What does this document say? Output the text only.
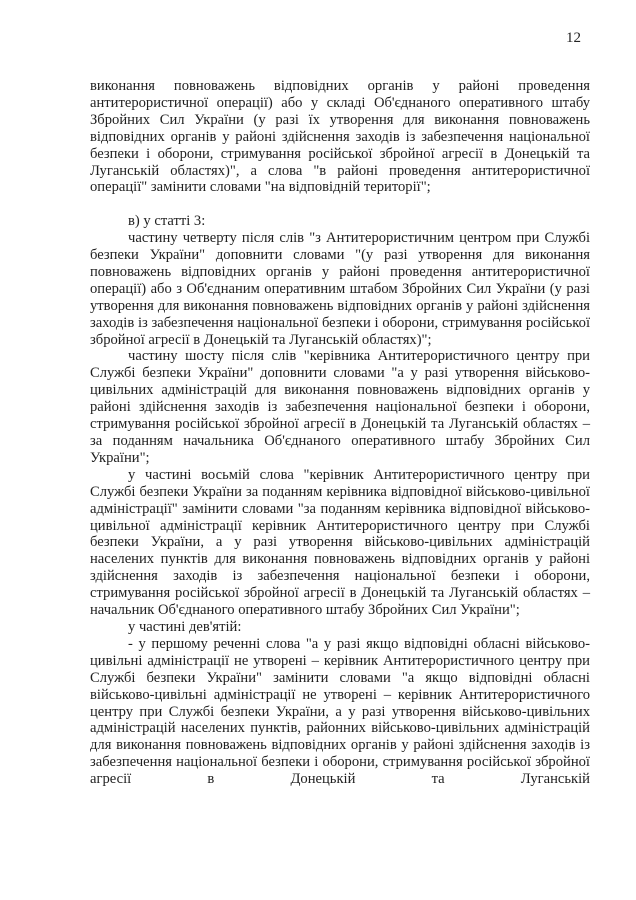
12

виконання повноважень відповідних органів у районі проведення антитерористичної операції) або у складі Об'єднаного оперативного штабу Збройних Сил України (у разі їх утворення для виконання повноважень відповідних органів у районі здійснення заходів із забезпечення національної безпеки і оборони, стримування російської збройної агресії в Донецькій та Луганській областях)", а слова "в районі проведення антитерористичної операції" замінити словами "на відповідній території";

в) у статті 3:

частину четверту після слів "з Антитерористичним центром при Службі безпеки України" доповнити словами "(у разі утворення для виконання повноважень відповідних органів у районі проведення антитерористичної операції) або з Об'єднаним оперативним штабом Збройних Сил України (у разі утворення для виконання повноважень відповідних органів у районі здійснення заходів із забезпечення національної безпеки і оборони, стримування російської збройної агресії в Донецькій та Луганській областях)";

частину шосту після слів "керівника Антитерористичного центру при Службі безпеки України" доповнити словами "а у разі утворення військово-цивільних адміністрацій для виконання повноважень відповідних органів у районі здійснення заходів із забезпечення національної безпеки і оборони, стримування російської збройної агресії в Донецькій та Луганській областях – за поданням начальника Об'єднаного оперативного штабу Збройних Сил України";

у частині восьмій слова "керівник Антитерористичного центру при Службі безпеки України за поданням керівника відповідної військово-цивільної адміністрації" замінити словами "за поданням керівника відповідної військово-цивільної адміністрації керівник Антитерористичного центру при Службі безпеки України, а у разі утворення військово-цивільних адміністрацій населених пунктів для виконання повноважень відповідних органів у районі здійснення заходів із забезпечення національної безпеки і оборони, стримування російської збройної агресії в Донецькій та Луганській областях – начальник Об'єднаного оперативного штабу Збройних Сил України";

у частині дев'ятій:

- у першому реченні слова "а у разі якщо відповідні обласні військово-цивільні адміністрації не утворені – керівник Антитерористичного центру при Службі безпеки України" замінити словами "а якщо відповідні обласні військово-цивільні адміністрації не утворені – керівник Антитерористичного центру при Службі безпеки України, а у разі утворення військово-цивільних адміністрацій населених пунктів, районних військово-цивільних адміністрацій для виконання повноважень відповідних органів у районі здійснення заходів із забезпечення національної безпеки і оборони, стримування російської збройної агресії в Донецькій та Луганській
